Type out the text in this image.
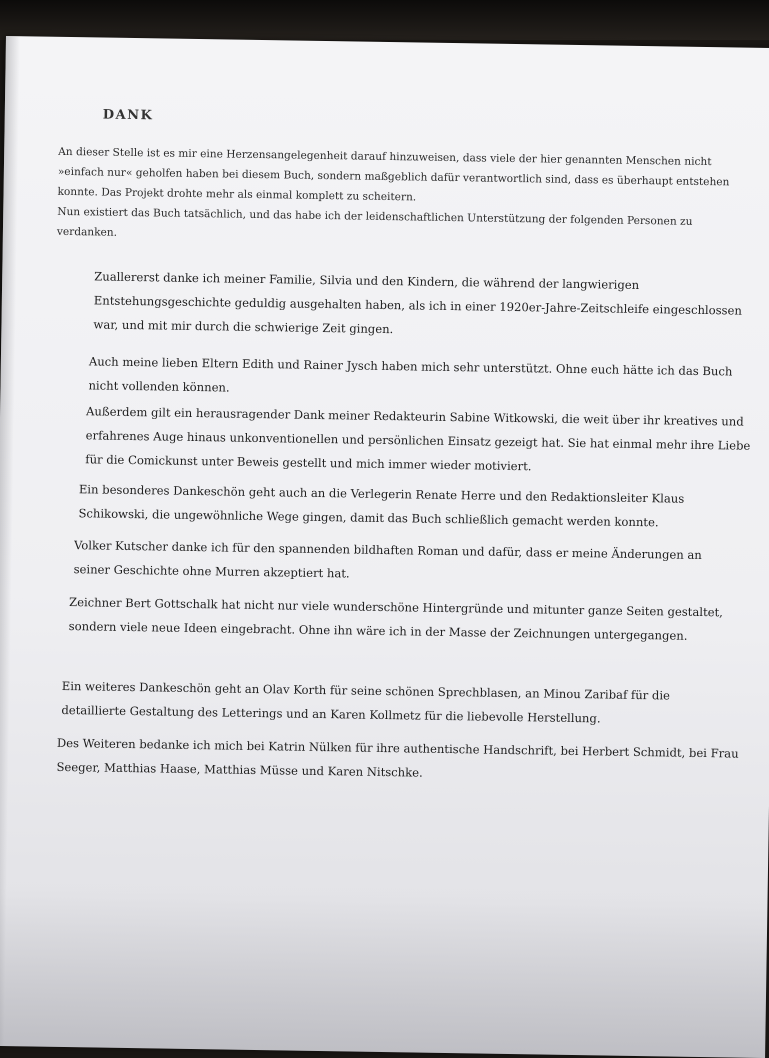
DANK

An dieser Stelle ist es mir eine Herzensangelegenheit darauf hinzuweisen, dass viele der hier genannten Menschen nicht »einfach nur« geholfen haben bei diesem Buch, sondern maßgeblich dafür verantwortlich sind, dass es überhaupt entstehen konnte. Das Projekt drohte mehr als einmal komplett zu scheitern.

Nun existiert das Buch tatsächlich, und das habe ich der leidenschaftlichen Unterstützung der folgenden Personen zu verdanken.

Zuallererst danke ich meiner Familie, Silvia und den Kindern, die während der langwierigen Entstehungsgeschichte geduldig ausgehalten haben, als ich in einer 1920er-Jahre-Zeitschleife eingeschlossen war, und mit mir durch die schwierige Zeit gingen.

Auch meine lieben Eltern Edith und Rainer Jysch haben mich sehr unterstützt. Ohne euch hätte ich das Buch nicht vollenden können.

Außerdem gilt ein herausragender Dank meiner Redakteurin Sabine Witkowski, die weit über ihr kreatives und erfahrenes Auge hinaus unkonventionellen und persönlichen Einsatz gezeigt hat. Sie hat einmal mehr ihre Liebe für die Comickunst unter Beweis gestellt und mich immer wieder motiviert.

Ein besonderes Dankeschön geht auch an die Verlegerin Renate Herre und den Redaktionsleiter Klaus Schikowski, die ungewöhnliche Wege gingen, damit das Buch schließlich gemacht werden konnte.

Volker Kutscher danke ich für den spannenden bildhaften Roman und dafür, dass er meine Änderungen an seiner Geschichte ohne Murren akzeptiert hat.

Zeichner Bert Gottschalk hat nicht nur viele wunderschöne Hintergründe und mitunter ganze Seiten gestaltet, sondern viele neue Ideen eingebracht. Ohne ihn wäre ich in der Masse der Zeichnungen untergegangen.

Ein weiteres Dankeschön geht an Olav Korth für seine schönen Sprechblasen, an Minou Zaribaf für die detaillierte Gestaltung des Letterings und an Karen Kollmetz für die liebevolle Herstellung.

Des Weiteren bedanke ich mich bei Katrin Nülken für ihre authentische Handschrift, bei Herbert Schmidt, bei Frau Seeger, Matthias Haase, Matthias Müsse und Karen Nitschke.
